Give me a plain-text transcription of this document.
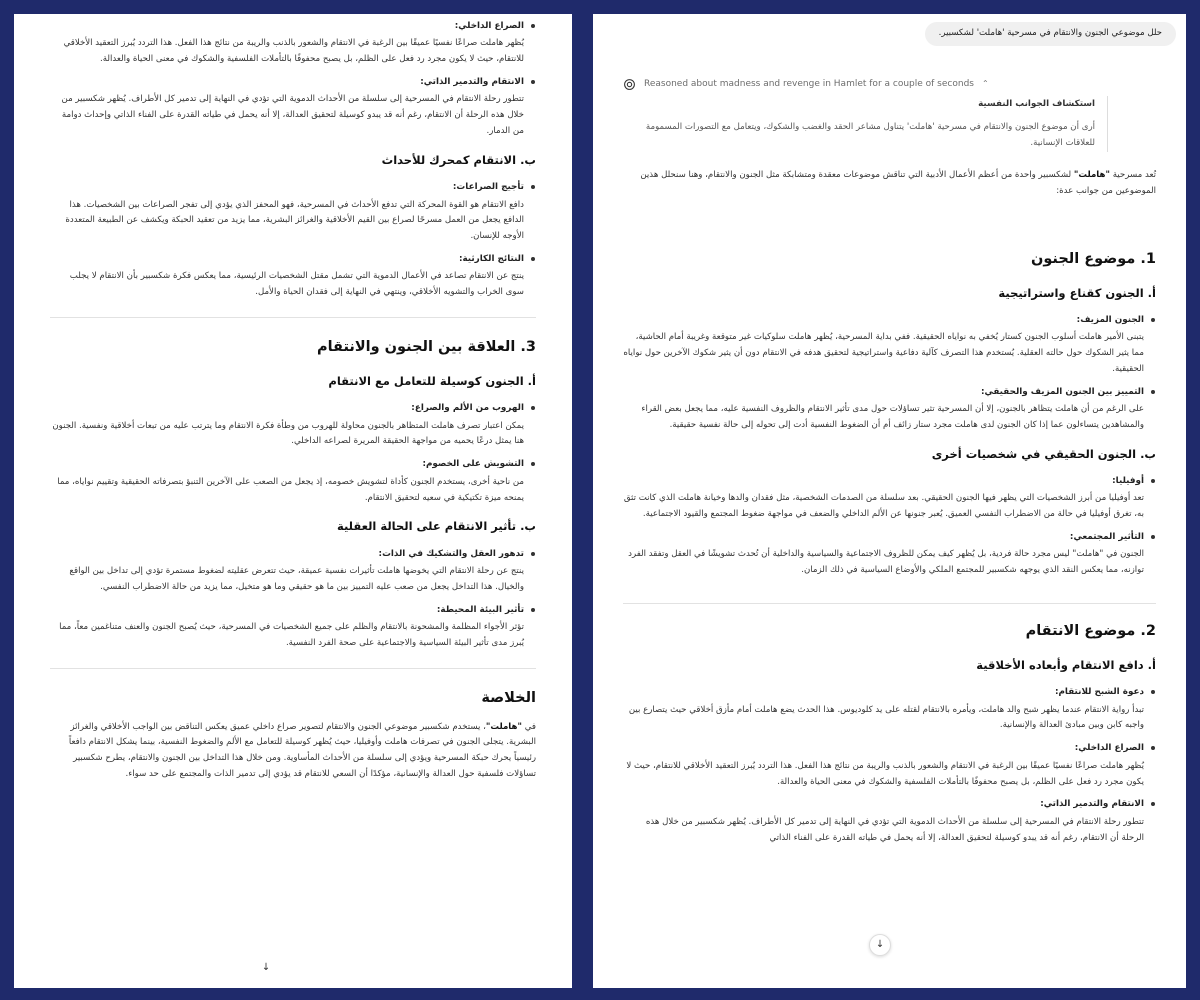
الصراع الداخلي:

يُظهر هاملت صراعًا نفسيًا عميقًا بين الرغبة في الانتقام والشعور بالذنب والريبة من نتائج هذا الفعل. هذا التردد يُبرز التعقيد الأخلاقي للانتقام، حيث لا يكون مجرد رد فعل على الظلم، بل يصبح محفوفًا بالتأملات الفلسفية والشكوك في معنى الحياة والعدالة.

الانتقام والتدمير الذاتي:

تتطور رحلة الانتقام في المسرحية إلى سلسلة من الأحداث الدموية التي تؤدي في النهاية إلى تدمير كل الأطراف. يُظهر شكسبير من خلال هذه الرحلة أن الانتقام، رغم أنه قد يبدو كوسيلة لتحقيق العدالة، إلا أنه يحمل في طياته القدرة على الفناء الذاتي وإحداث دوامة من الدمار.

ب. الانتقام كمحرك للأحداث

تأجيج الصراعات:

دافع الانتقام هو القوة المحركة التي تدفع الأحداث في المسرحية، فهو المحفز الذي يؤدي إلى تفجر الصراعات بين الشخصيات. هذا الدافع يجعل من العمل مسرحًا لصراع بين القيم الأخلاقية والغرائز البشرية، مما يزيد من تعقيد الحبكة ويكشف عن الطبيعة المتعددة الأوجه للإنسان.

النتائج الكارثية:

ينتج عن الانتقام تصاعد في الأعمال الدموية التي تشمل مقتل الشخصيات الرئيسية، مما يعكس فكرة شكسبير بأن الانتقام لا يجلب سوى الخراب والتشويه الأخلاقي، وينتهي في النهاية إلى فقدان الحياة والأمل.

3. العلاقة بين الجنون والانتقام
أ. الجنون كوسيلة للتعامل مع الانتقام

الهروب من الألم والصراع:

يمكن اعتبار تصرف هاملت المتظاهر بالجنون محاولة للهروب من وطأة فكرة الانتقام وما يترتب عليه من تبعات أخلاقية ونفسية. الجنون هنا يمثل درعًا يحميه من مواجهة الحقيقة المريرة لصراعه الداخلي.

التشويش على الخصوم:

من ناحية أخرى، يستخدم الجنون كأداة لتشويش خصومه، إذ يجعل من الصعب على الآخرين التنبؤ بتصرفاته الحقيقية وتقييم نواياه، مما يمنحه ميزة تكتيكية في سعيه لتحقيق الانتقام.

ب. تأثير الانتقام على الحالة العقلية

تدهور العقل والتشكيك في الذات:

ينتج عن رحلة الانتقام التي يخوضها هاملت تأثيرات نفسية عميقة، حيث تتعرض عقليته لضغوط مستمرة تؤدي إلى تداخل بين الواقع والخيال. هذا التداخل يجعل من صعب عليه التمييز بين ما هو حقيقي وما هو متخيل، مما يزيد من حالة الاضطراب النفسي.

تأثير البيئة المحيطة:

تؤثر الأجواء المظلمة والمشحونة بالانتقام والظلم على جميع الشخصيات في المسرحية، حيث يُصبح الجنون والعنف متناغمين معاً، مما يُبرز مدى تأثير البيئة السياسية والاجتماعية على صحة الفرد النفسية.

الخلاصة

في "هاملت"، يستخدم شكسبير موضوعي الجنون والانتقام لتصوير صراع داخلي عميق يعكس التناقض بين الواجب الأخلاقي والغرائز البشرية. يتجلى الجنون في تصرفات هاملت وأوفيليا، حيث يُظهر كوسيلة للتعامل مع الألم والضغوط النفسية، بينما يشكل الانتقام دافعاً رئيسياً يحرك حبكة المسرحية ويؤدي إلى سلسلة من الأحداث المأساوية. ومن خلال هذا التداخل بين الجنون والانتقام، يطرح شكسبير تساؤلات فلسفية حول العدالة والإنسانية، مؤكدًا أن السعي للانتقام قد يؤدي إلى تدمير الذات والمجتمع على حد سواء.

↓
حلل موضوعي الجنون والانتقام في مسرحية 'هاملت' لشكسبير.
Reasoned about madness and revenge in Hamlet for a couple of seconds ⌃

استكشاف الجوانب النفسية

أرى أن موضوع الجنون والانتقام في مسرحية 'هاملت' يتناول مشاعر الحقد والغضب والشكوك، ويتعامل مع التصورات المسمومة للعلاقات الإنسانية.

تُعد مسرحية "هاملت" لشكسبير واحدة من أعظم الأعمال الأدبية التي تناقش موضوعات معقدة ومتشابكة مثل الجنون والانتقام، وهنا سنحلل هذين الموضوعين من جوانب عدة:

1. موضوع الجنون
أ. الجنون كقناع واستراتيجية

الجنون المزيف:

يتبنى الأمير هاملت أسلوب الجنون كستار يُخفي به نواياه الحقيقية. ففي بداية المسرحية، يُظهر هاملت سلوكيات غير متوقعة وغريبة أمام الحاشية، مما يثير الشكوك حول حالته العقلية. يُستخدم هذا التصرف كآلية دفاعية واستراتيجية لتحقيق هدفه في الانتقام دون أن يثير شكوك الآخرين حول نواياه الحقيقية.

التمييز بين الجنون المزيف والحقيقي:

على الرغم من أن هاملت يتظاهر بالجنون، إلا أن المسرحية تثير تساؤلات حول مدى تأثير الانتقام والظروف النفسية عليه، مما يجعل بعض القراء والمشاهدين يتساءلون عما إذا كان الجنون لدى هاملت مجرد ستار زائف أم أن الضغوط النفسية أدت إلى تحوله إلى حالة نفسية حقيقية.

ب. الجنون الحقيقي في شخصيات أخرى

أوفيليا:

تعد أوفيليا من أبرز الشخصيات التي يظهر فيها الجنون الحقيقي. بعد سلسلة من الصدمات الشخصية، مثل فقدان والدها وخيانة هاملت الذي كانت تثق به، تغرق أوفيليا في حالة من الاضطراب النفسي العميق. يُعبر جنونها عن الألم الداخلي والضعف في مواجهة ضغوط المجتمع والقيود الاجتماعية.

التأثير المجتمعي:

الجنون في "هاملت" ليس مجرد حالة فردية، بل يُظهر كيف يمكن للظروف الاجتماعية والسياسية والداخلية أن تُحدث تشويشًا في العقل وتفقد الفرد توازنه، مما يعكس النقد الذي يوجهه شكسبير للمجتمع الملكي والأوضاع السياسية في ذلك الزمان.

2. موضوع الانتقام
أ. دافع الانتقام وأبعاده الأخلاقية

دعوة الشبح للانتقام:

تبدأ رواية الانتقام عندما يظهر شبح والد هاملت، ويأمره بالانتقام لقتله على يد كلوديوس. هذا الحدث يضع هاملت أمام مأزق أخلاقي حيث يتصارع بين واجبه كابن وبين مبادئ العدالة والإنسانية.

الصراع الداخلي:

يُظهر هاملت صراعًا نفسيًا عميقًا بين الرغبة في الانتقام والشعور بالذنب والريبة من نتائج هذا الفعل. هذا التردد يُبرز التعقيد الأخلاقي للانتقام، حيث لا يكون مجرد رد فعل على الظلم، بل يصبح محفوفًا بالتأملات الفلسفية والشكوك في معنى الحياة والعدالة.

الانتقام والتدمير الذاتي:

تتطور رحلة الانتقام في المسرحية إلى سلسلة من الأحداث الدموية التي تؤدي في النهاية إلى تدمير كل الأطراف. يُظهر شكسبير من خلال هذه الرحلة أن الانتقام، رغم أنه قد يبدو كوسيلة لتحقيق العدالة، إلا أنه يحمل في طياته القدرة على الفناء الذاتي

↓
